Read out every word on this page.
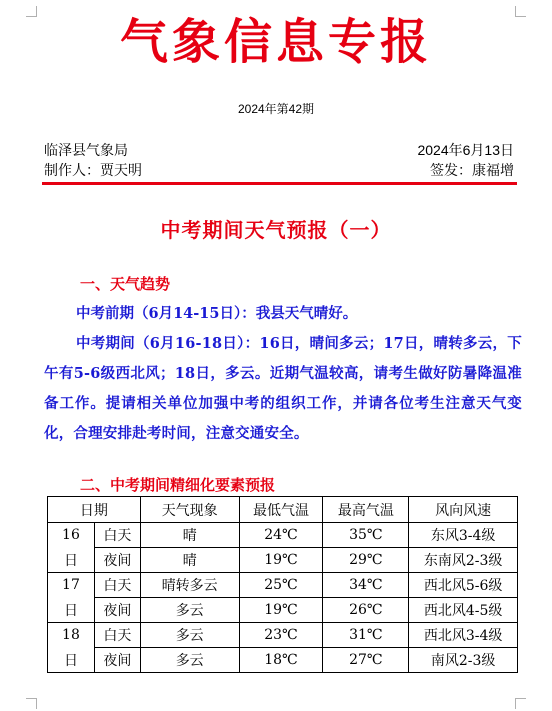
气象信息专报
2024年第42期
临泽县气象局
制作人：贾天明
2024年6月13日
签发：康福增
中考期间天气预报（一）
一、天气趋势
中考前期（6月14-15日）：我县天气晴好。
中考期间（6月16-18日）：16日，晴间多云；17日，晴转多云，下午有5-6级西北风；18日，多云。近期气温较高，请考生做好防暑降温准备工作。提请相关单位加强中考的组织工作，并请各位考生注意天气变化，合理安排赴考时间，注意交通安全。
二、中考期间精细化要素预报
日期		天气现象	最低气温	最高气温	风向风速
16	白天	晴	24℃	35℃	东风3-4级
日	夜间	晴	19℃	29℃	东南风2-3级
17	白天	晴转多云	25℃	34℃	西北风5-6级
日	夜间	多云	19℃	26℃	西北风4-5级
18	白天	多云	23℃	31℃	西北风3-4级
日	夜间	多云	18℃	27℃	南风2-3级
